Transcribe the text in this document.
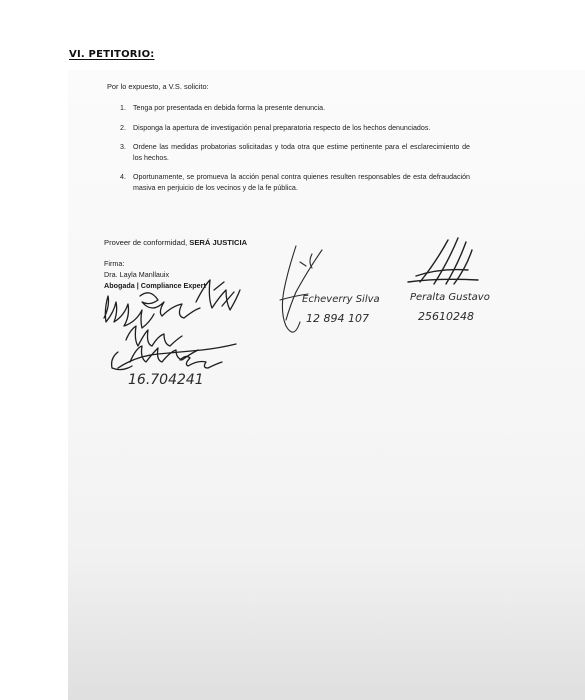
VI. PETITORIO:
Por lo expuesto, a V.S. solicito:
1. Tenga por presentada en debida forma la presente denuncia.
2. Disponga la apertura de investigación penal preparatoria respecto de los hechos denunciados.
3. Ordene las medidas probatorias solicitadas y toda otra que estime pertinente para el esclarecimiento de los hechos.
4. Oportunamente, se promueva la acción penal contra quienes resulten responsables de esta defraudación masiva en perjuicio de los vecinos y de la fe pública.
Proveer de conformidad, SERÁ JUSTICIA
Firma:
Dra. Layla Manllauix
Abogada | Compliance Expert
16.704241
Echeverry Silva
12 894 107
Peralta Gustavo
25610248
